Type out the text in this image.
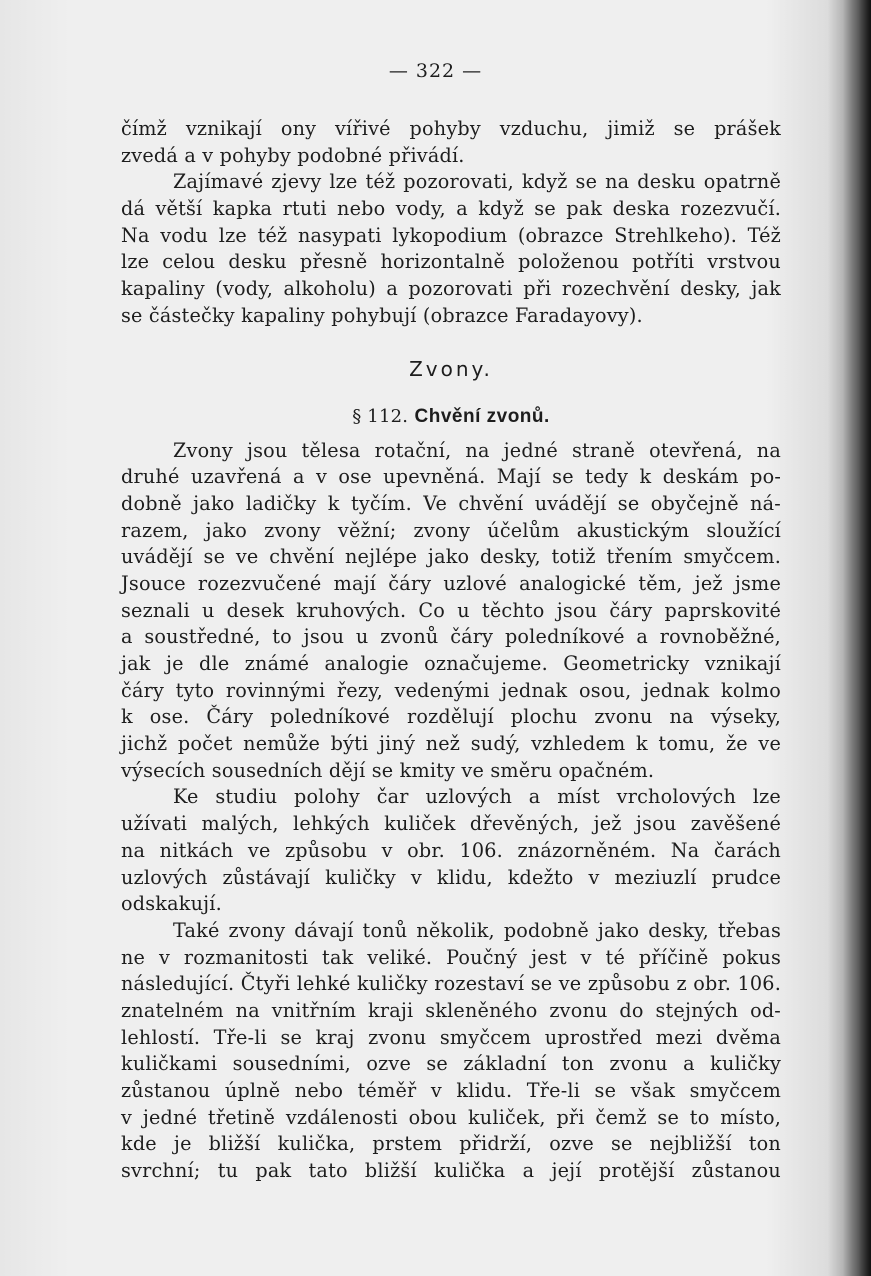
— 322 —
čímž vznikají ony vířivé pohyby vzduchu, jimiž se prášek
zvedá a v pohyby podobné přivádí.
Zajímavé zjevy lze též pozorovati, když se na desku opatrně
dá větší kapka rtuti nebo vody, a když se pak deska rozezvučí.
Na vodu lze též nasypati lykopodium (obrazce Strehlkeho). Též
lze celou desku přesně horizontalně položenou potříti vrstvou
kapaliny (vody, alkoholu) a pozorovati při rozechvění desky, jak
se částečky kapaliny pohybují (obrazce Faradayovy).
Zvony.
§ 112. Chvění zvonů.
Zvony jsou tělesa rotační, na jedné straně otevřená, na
druhé uzavřená a v ose upevněná. Mají se tedy k deskám po-
dobně jako ladičky k tyčím. Ve chvění uvádějí se obyčejně ná-
razem, jako zvony věžní; zvony účelům akustickým sloužící
uvádějí se ve chvění nejlépe jako desky, totiž třením smyčcem.
Jsouce rozezvučené mají čáry uzlové analogické těm, jež jsme
seznali u desek kruhových. Co u těchto jsou čáry paprskovité
a soustředné, to jsou u zvonů čáry poledníkové a rovnoběžné,
jak je dle známé analogie označujeme. Geometricky vznikají
čáry tyto rovinnými řezy, vedenými jednak osou, jednak kolmo
k ose. Čáry poledníkové rozdělují plochu zvonu na výseky,
jichž počet nemůže býti jiný než sudý, vzhledem k tomu, že ve
výsecích sousedních dějí se kmity ve směru opačném.
Ke studiu polohy čar uzlových a míst vrcholových lze
užívati malých, lehkých kuliček dřevěných, jež jsou zavěšené
na nitkách ve způsobu v obr. 106. znázorněném. Na čarách
uzlových zůstávají kuličky v klidu, kdežto v meziuzlí prudce
odskakují.
Také zvony dávají tonů několik, podobně jako desky, třebas
ne v rozmanitosti tak veliké. Poučný jest v té příčině pokus
následující. Čtyři lehké kuličky rozestaví se ve způsobu z obr. 106.
znatelném na vnitřním kraji skleněného zvonu do stejných od-
lehlostí. Tře-li se kraj zvonu smyčcem uprostřed mezi dvěma
kuličkami sousedními, ozve se základní ton zvonu a kuličky
zůstanou úplně nebo téměř v klidu. Tře-li se však smyčcem
v jedné třetině vzdálenosti obou kuliček, při čemž se to místo,
kde je bližší kulička, prstem přidrží, ozve se nejbližší ton
svrchní; tu pak tato bližší kulička a její protější zůstanou
